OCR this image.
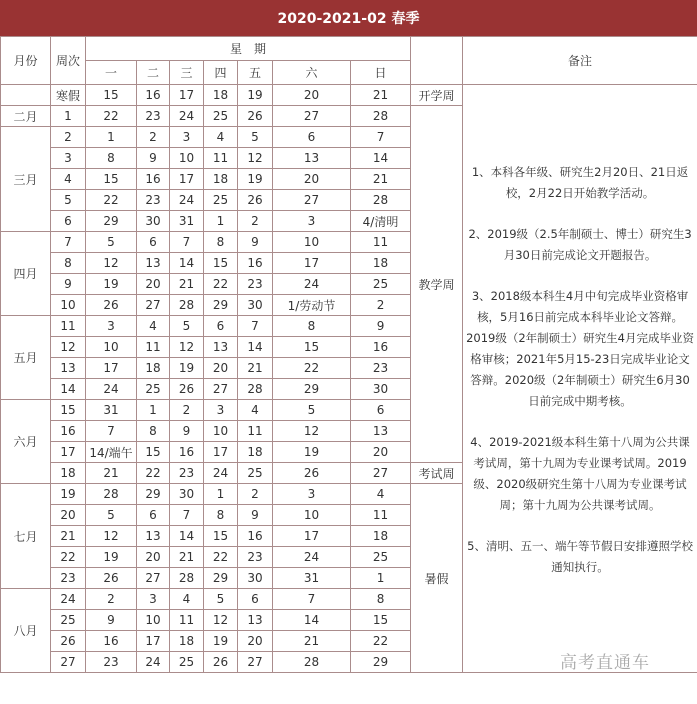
2020-2021-02 春季
月份	周次	星　期								备注
		一	二	三	四	五	六	日		
	寒假	15	16	17	18	19	20	21	开学周	1、本科各年级、研究生2月20日、21日返校，2月22日开始教学活动。
2、2019级（2.5年制硕士、博士）研究生3月30日前完成论文开题报告。
3、2018级本科生4月中旬完成毕业资格审核，5月16日前完成本科毕业论文答辩。2019级（2年制硕士）研究生4月完成毕业资格审核；2021年5月15-23日完成毕业论文答辩。2020级（2年制硕士）研究生6月30日前完成中期考核。
4、2019-2021级本科生第十八周为公共课考试周，第十九周为专业课考试周。2019级、2020级研究生第十八周为专业课考试周；第十九周为公共课考试周。
5、清明、五一、端午等节假日安排遵照学校通知执行。

二月	1	22	23	24	25	26	27	28	教学周	
三月	2	1	2	3	4	5	6	7		
	3	8	9	10	11	12	13	14		
	4	15	16	17	18	19	20	21		
	5	22	23	24	25	26	27	28		
	6	29	30	31	1	2	3	4/清明		
四月	7	5	6	7	8	9	10	11		
	8	12	13	14	15	16	17	18		
	9	19	20	21	22	23	24	25		
	10	26	27	28	29	30	1/劳动节	2		
五月	11	3	4	5	6	7	8	9		
	12	10	11	12	13	14	15	16		
	13	17	18	19	20	21	22	23		
	14	24	25	26	27	28	29	30		
六月	15	31	1	2	3	4	5	6		
	16	7	8	9	10	11	12	13		
	17	14/端午	15	16	17	18	19	20		
	18	21	22	23	24	25	26	27	考试周	
七月	19	28	29	30	1	2	3	4	暑假	
	20	5	6	7	8	9	10	11		
	21	12	13	14	15	16	17	18		
	22	19	20	21	22	23	24	25		
	23	26	27	28	29	30	31	1		
八月	24	2	3	4	5	6	7	8		
	25	9	10	11	12	13	14	15		
	26	16	17	18	19	20	21	22		
	27	23	24	25	26	27	28	29			高考直通车
